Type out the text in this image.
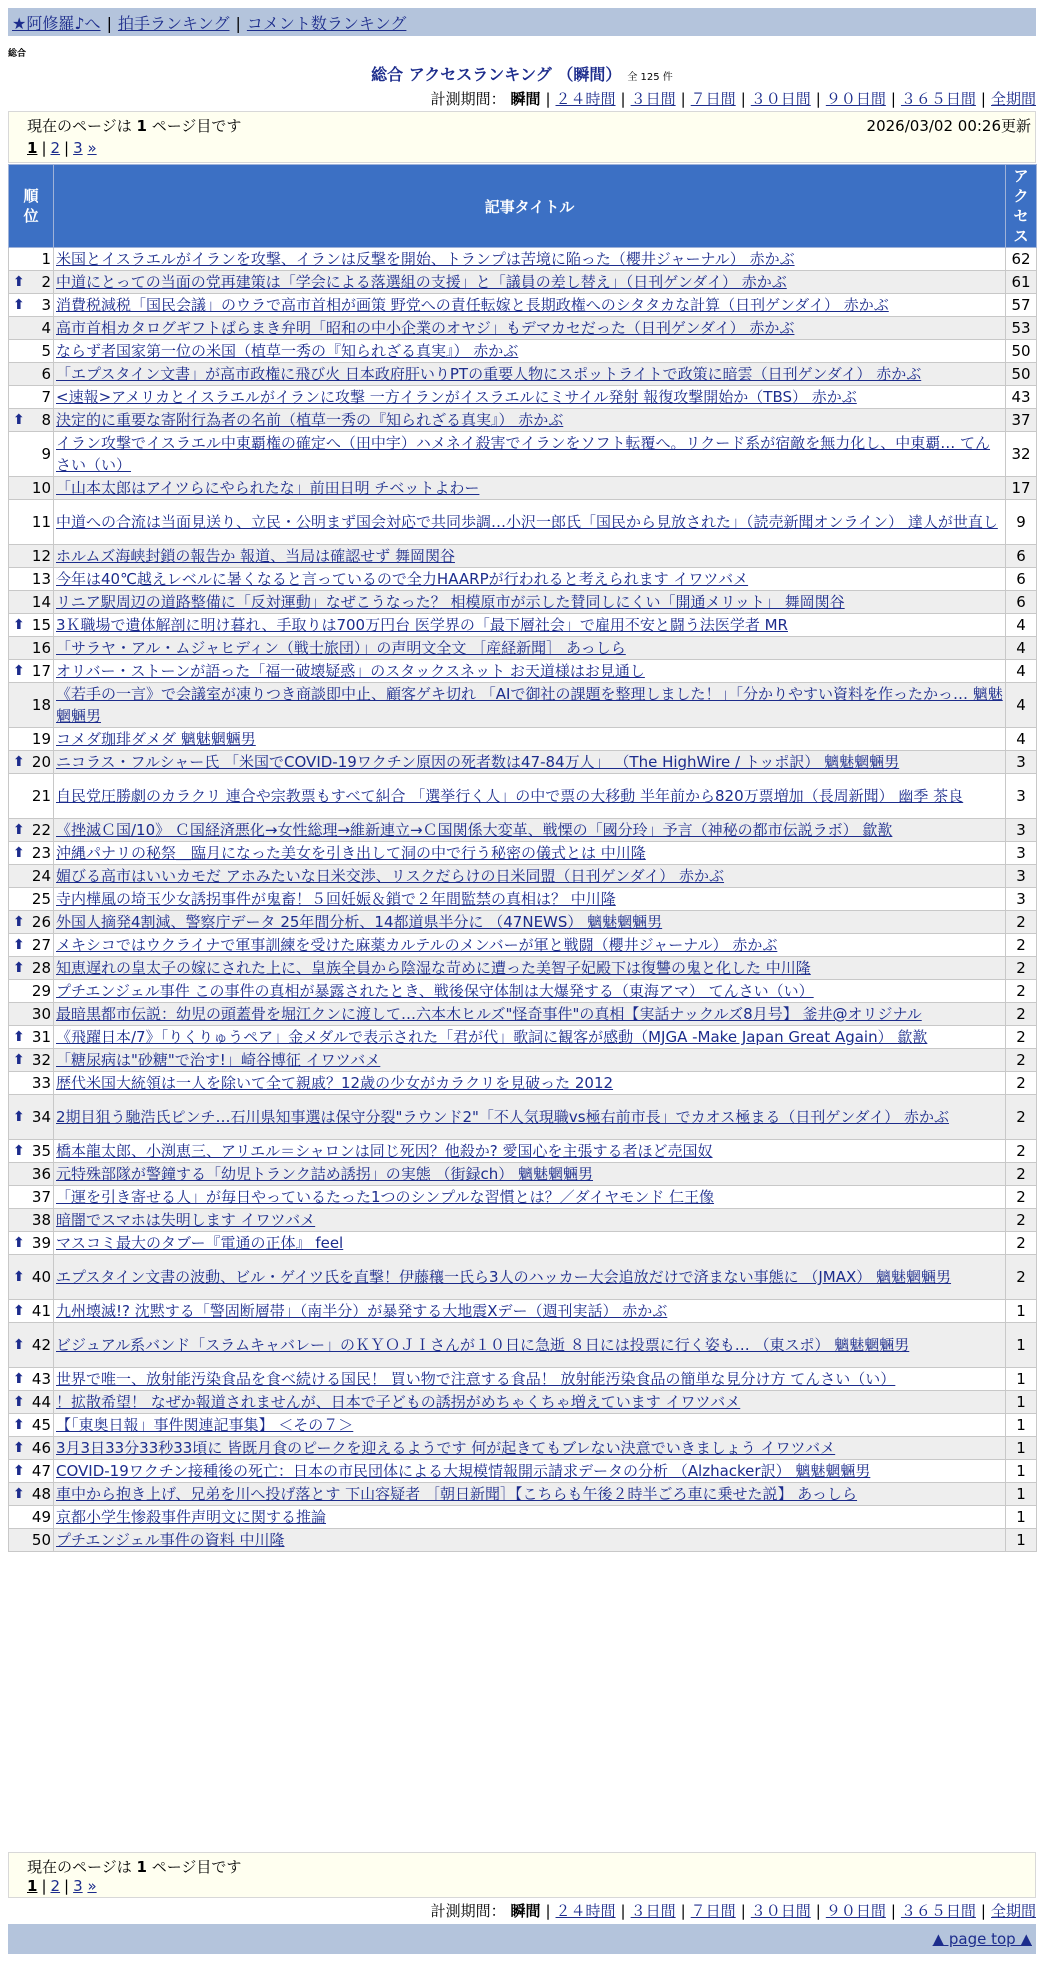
★阿修羅♪へ | 拍手ランキング | コメント数ランキング
総合
総合 アクセスランキング （瞬間） 全 125 件
計測期間： 瞬間 | ２４時間 | ３日間 | ７日間 | ３０日間 | ９０日間 | ３６５日間 | 全期間
現在のページは 1 ページ目です	2026/03/02 00:26更新
1 | 2 | 3 »
順位	記事タイトル	アクセス
1	米国とイスラエルがイランを攻撃、イランは反撃を開始、トランプは苦境に陥った（櫻井ジャーナル） 赤かぶ	62

⬆ 2	中道にとっての当面の党再建策は「学会による落選組の支援」と「議員の差し替え」（日刊ゲンダイ） 赤かぶ	61

⬆ 3	消費税減税「国民会議」のウラで高市首相が画策 野党への責任転嫁と長期政権へのシタタカな計算（日刊ゲンダイ） 赤かぶ	57
4	高市首相カタログギフトばらまき弁明「昭和の中小企業のオヤジ」もデマカセだった（日刊ゲンダイ） 赤かぶ	53
5	ならず者国家第一位の米国（植草一秀の『知られざる真実』） 赤かぶ	50
6	「エプスタイン文書」が高市政権に飛び火 日本政府肝いりPTの重要人物にスポットライトで政策に暗雲（日刊ゲンダイ） 赤かぶ	50
7	<速報>アメリカとイスラエルがイランに攻撃 一方イランがイスラエルにミサイル発射 報復攻撃開始か（TBS） 赤かぶ	43

⬆ 8	決定的に重要な寄附行為者の名前（植草一秀の『知られざる真実』） 赤かぶ	37
9	イラン攻撃でイスラエル中東覇権の確定へ（田中宇）ハメネイ殺害でイランをソフト転覆へ。リクード系が宿敵を無力化し、中東覇… てんさい（い）	32
10	「山本太郎はアイツらにやられたな」前田日明 チベットよわー	17
11	中道への合流は当面見送り、立民・公明まず国会対応で共同歩調…小沢一郎氏「国民から見放された」（読売新聞オンライン） 達人が世直し	9
12	ホルムズ海峡封鎖の報告か 報道、当局は確認せず 舞岡関谷	6
13	今年は40℃越えレベルに暑くなると言っているので全力HAARPが行われると考えられます イワツバメ	6
14	リニア駅周辺の道路整備に「反対運動」なぜこうなった？ 相模原市が示した賛同しにくい「開通メリット」 舞岡関谷	6

⬆ 15	3Ｋ職場で遺体解剖に明け暮れ、手取りは700万円台 医学界の「最下層社会」で雇用不安と闘う法医学者 MR	4
16	「サラヤ・アル・ムジャヒディン（戦士旅団）」の声明文全文 ［産経新聞］ あっしら	4

⬆ 17	オリバー・ストーンが語った「福一破壊疑惑」のスタックスネット お天道様はお見通し	4
18	《若手の一言》で会議室が凍りつき商談即中止、顧客ゲキ切れ 「AIで御社の課題を整理しました！」「分かりやすい資料を作ったかっ… 魑魅魍魎男	4
19	コメダ珈琲ダメダ 魑魅魍魎男	4

⬆ 20	ニコラス・フルシャー氏 「米国でCOVID-19ワクチン原因の死者数は47-84万人」 （The HighWire / トッポ訳） 魑魅魍魎男	3
21	自民党圧勝劇のカラクリ 連合や宗教票もすべて糾合 「選挙行く人」の中で票の大移動 半年前から820万票増加（長周新聞） 幽季 茶良	3

⬆ 22	《挫滅Ｃ国/10》 Ｃ国経済悪化→女性総理→維新連立→Ｃ国関係大変革、戦慄の「國分玲」予言（神秘の都市伝説ラボ） 歙歚	3

⬆ 23	沖縄パナリの秘祭＿臨月になった美女を引き出して洞の中で行う秘密の儀式とは 中川隆	3
24	媚びる高市はいいカモだ アホみたいな日米交渉、リスクだらけの日米同盟（日刊ゲンダイ） 赤かぶ	3
25	寺内樺風の埼玉少女誘拐事件が鬼畜！５回妊娠＆鎖で２年間監禁の真相は？ 中川隆	3

⬆ 26	外国人摘発4割減、警察庁データ 25年間分析、14都道県半分に （47NEWS） 魑魅魍魎男	2

⬆ 27	メキシコではウクライナで軍事訓練を受けた麻薬カルテルのメンバーが軍と戦闘（櫻井ジャーナル） 赤かぶ	2

⬆ 28	知恵遅れの皇太子の嫁にされた上に、皇族全員から陰湿な苛めに遭った美智子妃殿下は復讐の鬼と化した 中川隆	2
29	プチエンジェル事件 この事件の真相が暴露されたとき、戦後保守体制は大爆発する（東海アマ） てんさい（い）	2
30	最暗黒都市伝説：幼児の頭蓋骨を堀江クンに渡して…六本木ヒルズ"怪奇事件"の真相【実話ナックルズ8月号】 釜井@オリジナル	2

⬆ 31	《飛躍日本/7》「りくりゅうペア」金メダルで表示された「君が代」歌詞に観客が感動（MJGA -Make Japan Great Again） 歙歚	2

⬆ 32	「糖尿病は"砂糖"で治す!」崎谷博征 イワツバメ	2
33	歴代米国大統領は一人を除いて全て親戚？12歳の少女がカラクリを見破った 2012	2

⬆ 34	2期目狙う馳浩氏ピンチ…石川県知事選は保守分裂"ラウンド2"「不人気現職vs極右前市長」でカオス極まる（日刊ゲンダイ） 赤かぶ	2

⬆ 35	橋本龍太郎、小渕恵三、アリエル＝シャロンは同じ死因？他殺か? 愛国心を主張する者ほど売国奴	2
36	元特殊部隊が警鐘する「幼児トランク詰め誘拐」の実態 （街録ch） 魑魅魍魎男	2
37	「運を引き寄せる人」が毎日やっているたった1つのシンプルな習慣とは？／ダイヤモンド 仁王像	2
38	暗闇でスマホは失明します イワツバメ	2

⬆ 39	マスコミ最大のタブー『電通の正体』 feel	2

⬆ 40	エプスタイン文書の波動、ビル・ゲイツ氏を直撃！伊藤穰一氏ら3人のハッカー大会追放だけで済まない事態に （JMAX） 魑魅魍魎男	2

⬆ 41	九州壊滅!? 沈黙する「警固断層帯」（南半分）が暴発する大地震Xデー（週刊実話） 赤かぶ	1

⬆ 42	ビジュアル系バンド「スラムキャバレー」のＫＹＯＪＩさんが１０日に急逝 ８日には投票に行く姿も… （東スポ） 魑魅魍魎男	1

⬆ 43	世界で唯一、放射能汚染食品を食べ続ける国民！ 買い物で注意する食品！ 放射能汚染食品の簡単な見分け方 てんさい（い）	1

⬆ 44	！拡散希望！ なぜか報道されませんが、日本で子どもの誘拐がめちゃくちゃ増えています イワツバメ	1

⬆ 45	【「東奥日報」事件関連記事集】 ＜その７＞	1

⬆ 46	3月3日33分33秒33頃に 皆既月食のピークを迎えるようです 何が起きてもブレない決意でいきましょう イワツバメ	1

⬆ 47	COVID-19ワクチン接種後の死亡：日本の市民団体による大規模情報開示請求データの分析 （Alzhacker訳） 魑魅魍魎男	1

⬆ 48	車中から抱き上げ、兄弟を川へ投げ落とす 下山容疑者 ［朝日新聞］【こちらも午後２時半ごろ車に乗せた説】 あっしら	1
49	京都小学生惨殺事件声明文に関する推論	1
50	プチエンジェル事件の資料 中川隆	1
現在のページは 1 ページ目です
1 | 2 | 3 »
計測期間： 瞬間 | ２４時間 | ３日間 | ７日間 | ３０日間 | ９０日間 | ３６５日間 | 全期間
▲ page top ▲
